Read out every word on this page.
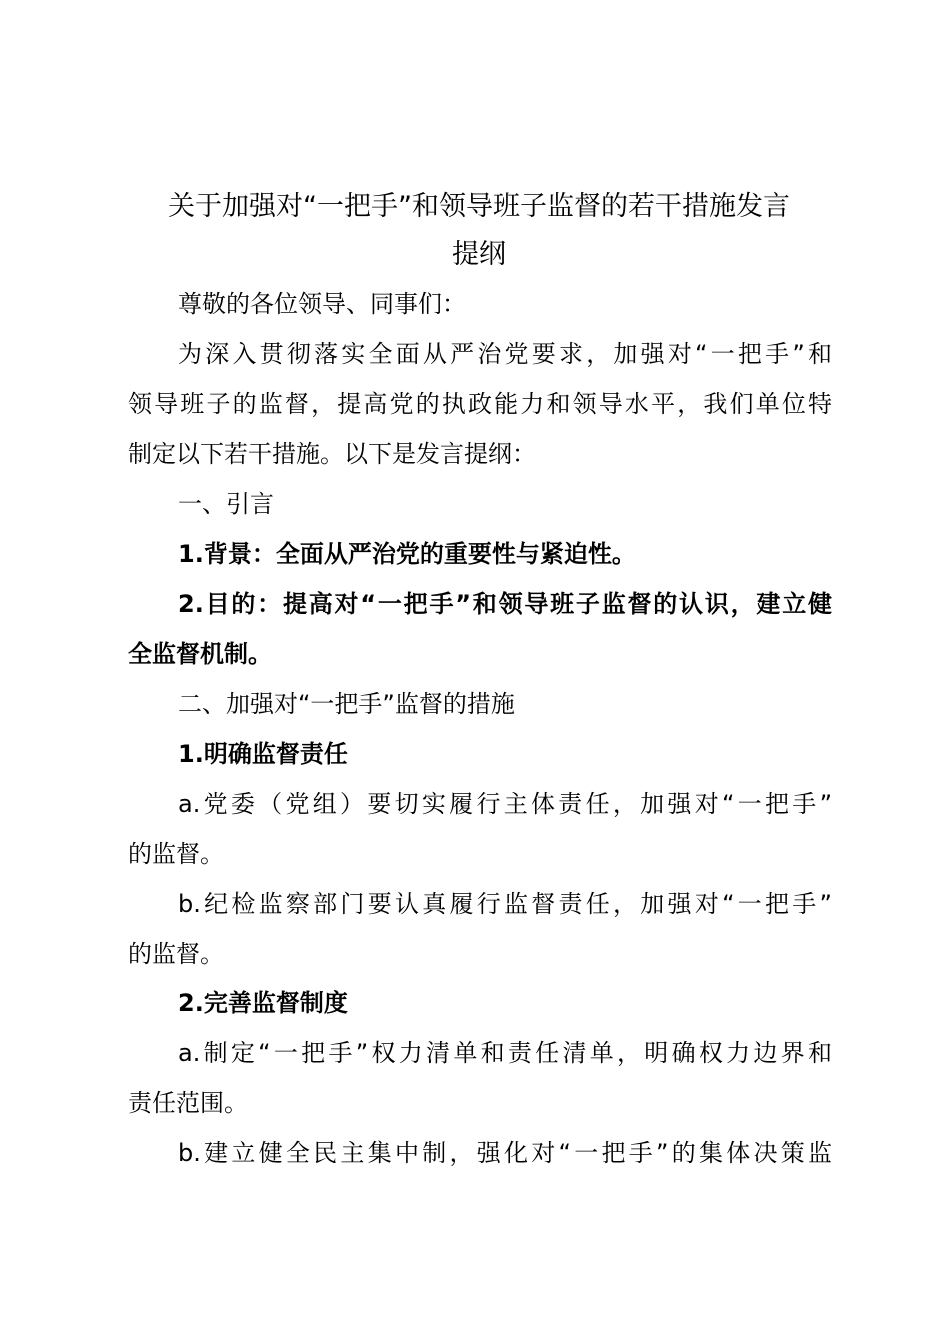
关于加强对“一把手”和领导班子监督的若干措施发言
提纲
尊敬的各位领导、同事们：
为深入贯彻落实全面从严治党要求，加强对“一把手”和
领导班子的监督，提高党的执政能力和领导水平，我们单位特
制定以下若干措施。以下是发言提纲：
一、引言
1.背景：全面从严治党的重要性与紧迫性。
2.目的：提高对“一把手”和领导班子监督的认识，建立健
全监督机制。
二、加强对“一把手”监督的措施
1.明确监督责任
a.党委（党组）要切实履行主体责任，加强对“一把手”
的监督。
b.纪检监察部门要认真履行监督责任，加强对“一把手”
的监督。
2.完善监督制度
a.制定“一把手”权力清单和责任清单，明确权力边界和
责任范围。
b.建立健全民主集中制，强化对“一把手”的集体决策监
